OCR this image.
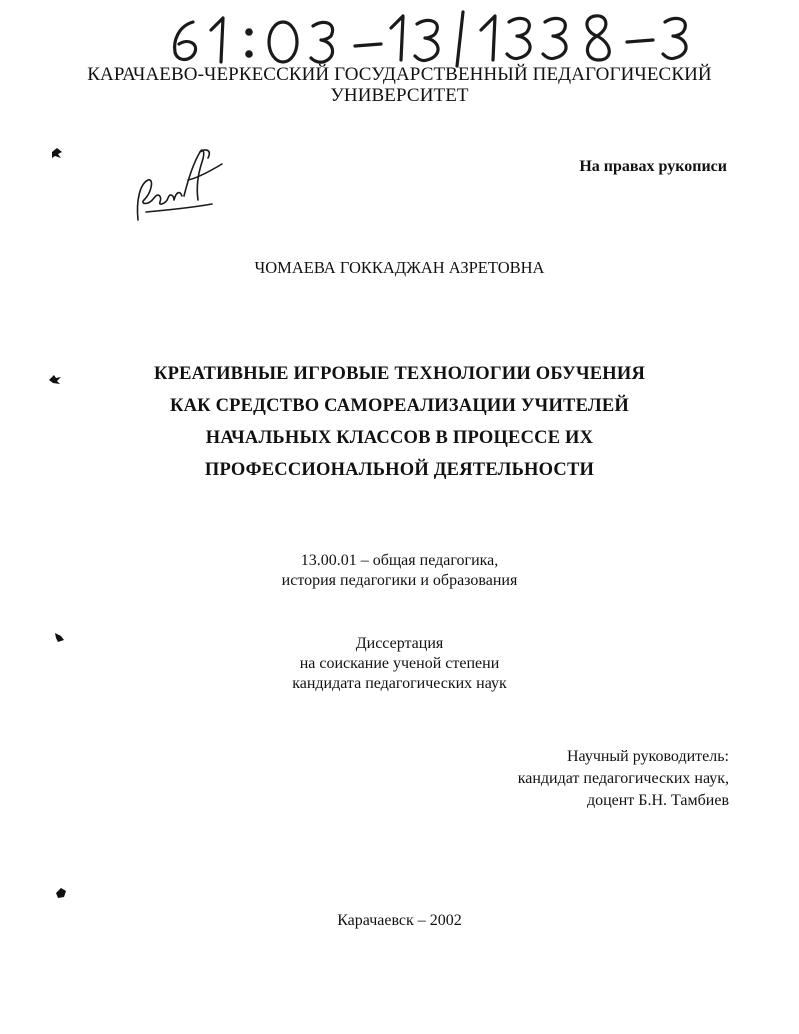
КАРАЧАЕВО-ЧЕРКЕССКИЙ ГОСУДАРСТВЕННЫЙ ПЕДАГОГИЧЕСКИЙ
УНИВЕРСИТЕТ
На правах рукописи
ЧОМАЕВА ГОККАДЖАН АЗРЕТОВНА
КРЕАТИВНЫЕ ИГРОВЫЕ ТЕХНОЛОГИИ ОБУЧЕНИЯ
КАК СРЕДСТВО САМОРЕАЛИЗАЦИИ УЧИТЕЛЕЙ
НАЧАЛЬНЫХ КЛАССОВ В ПРОЦЕССЕ ИХ
ПРОФЕССИОНАЛЬНОЙ ДЕЯТЕЛЬНОСТИ
13.00.01 – общая педагогика,
история педагогики и образования
Диссертация
на соискание ученой степени
кандидата педагогических наук
Научный руководитель:
кандидат педагогических наук,
доцент Б.Н. Тамбиев
Карачаевск – 2002
